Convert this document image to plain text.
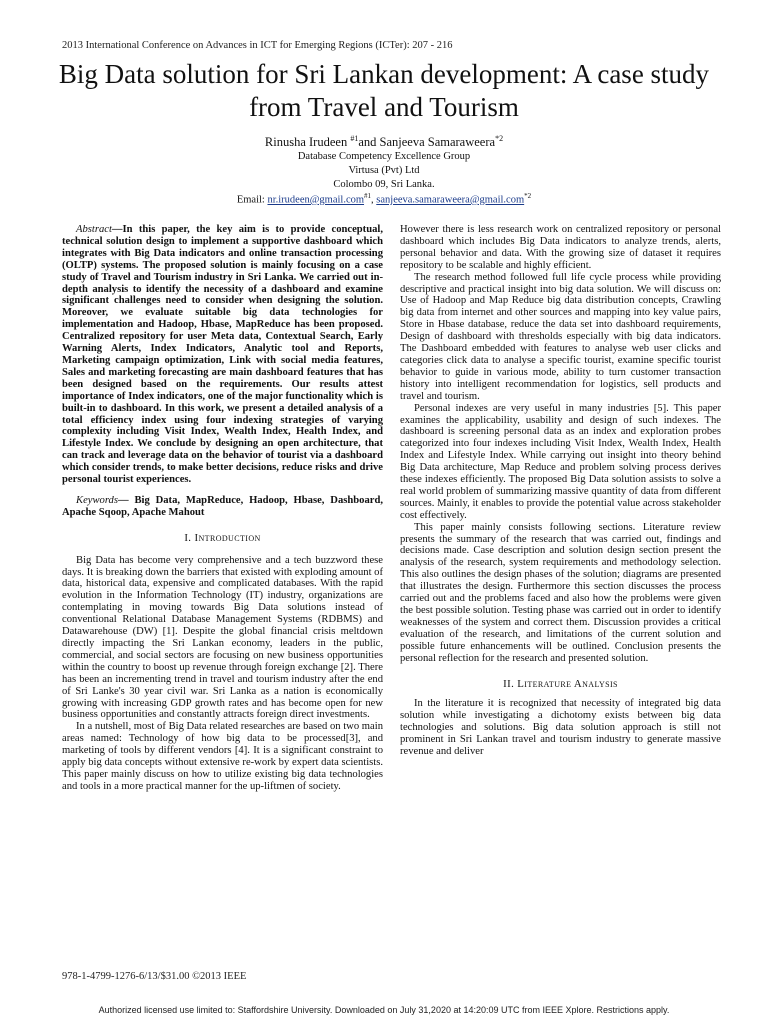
2013 International Conference on Advances in ICT for Emerging Regions (ICTer): 207 - 216
Big Data solution for Sri Lankan development: A case study from Travel and Tourism
Rinusha Irudeen $^{\#1}$and Sanjeeva Samaraweera$^{*2}$
Database Competency Excellence Group
Virtusa (Pvt) Ltd
Colombo 09, Sri Lanka.
Email: nr.irudeen@gmail.com$^{\#1}$, sanjeeva.samaraweera@gmail.com$^{*2}$

Abstract—In this paper, the key aim is to provide conceptual, technical solution design to implement a supportive dashboard which integrates with Big Data indicators and online transaction processing (OLTP) systems. The proposed solution is mainly focusing on a case study of Travel and Tourism industry in Sri Lanka. We carried out in-depth analysis to identify the necessity of a dashboard and examine significant challenges need to consider when designing the solution. Moreover, we evaluate suitable big data technologies for implementation and Hadoop, Hbase, MapReduce has been proposed. Centralized repository for user Meta data, Contextual Search, Early Warning Alerts, Index Indicators, Analytic tool and Reports, Marketing campaign optimization, Link with social media features, Sales and marketing forecasting are main dashboard features that has been designed based on the requirements. Our results attest importance of Index indicators, one of the major functionality which is built-in to dashboard. In this work, we present a detailed analysis of a total efficiency index using four indexing strategies of varying complexity including Visit Index, Wealth Index, Health Index, and Lifestyle Index. We conclude by designing an open architecture, that can track and leverage data on the behavior of tourist via a dashboard which consider trends, to make better decisions, reduce risks and drive personal tourist experiences.

Keywords— Big Data, MapReduce, Hadoop, Hbase, Dashboard, Apache Sqoop, Apache Mahout

I. Introduction

Big Data has become very comprehensive and a tech buzzword these days. It is breaking down the barriers that existed with exploding amount of data, historical data, expensive and complicated databases. With the rapid evolution in the Information Technology (IT) industry, organizations are contemplating in moving towards Big Data solutions instead of conventional Relational Database Management Systems (RDBMS) and Datawarehouse (DW) [1]. Despite the global financial crisis meltdown directly impacting the Sri Lankan economy, leaders in the public, commercial, and social sectors are focusing on new business opportunities within the country to boost up revenue through foreign exchange [2]. There has been an incrementing trend in travel and tourism industry after the end of Sri Lanke's 30 year civil war. Sri Lanka as a nation is economically growing with increasing GDP growth rates and has become open for new business opportunities and constantly attracts foreign direct investments.

In a nutshell, most of Big Data related researches are based on two main areas named: Technology of how big data to be processed[3], and marketing of tools by different vendors [4]. It is a significant constraint to apply big data concepts without extensive re-work by expert data scientists. This paper mainly discuss on how to utilize existing big data technologies and tools in a more practical manner for the up-liftmen of society.

However there is less research work on centralized repository or personal dashboard which includes Big Data indicators to analyze trends, alerts, personal behavior and data. With the growing size of dataset it requires repository to be scalable and highly efficient.

The research method followed full life cycle process while providing descriptive and practical insight into big data solution. We will discuss on: Use of Hadoop and Map Reduce big data distribution concepts, Crawling big data from internet and other sources and mapping into key value pairs, Store in Hbase database, reduce the data set into dashboard requirements, Design of dashboard with thresholds especially with big data indicators. The Dashboard embedded with features to analyse web user clicks and categories click data to analyse a specific tourist, examine specific tourist behavior to guide in various mode, ability to turn customer transaction history into intelligent recommendation for logistics, sell products and travel and tourism.

Personal indexes are very useful in many industries [5]. This paper examines the applicability, usability and design of such indexes. The dashboard is screening personal data as an index and exploration probes categorized into four indexes including Visit Index, Wealth Index, Health Index and Lifestyle Index. While carrying out insight into theory behind Big Data architecture, Map Reduce and problem solving process derives these indexes efficiently. The proposed Big Data solution assists to solve a real world problem of summarizing massive quantity of data from different sources. Mainly, it enables to provide the potential value across stakeholder cost effectively.

This paper mainly consists following sections. Literature review presents the summary of the research that was carried out, findings and decisions made. Case description and solution design section present the analysis of the research, system requirements and methodology selection. This also outlines the design phases of the solution; diagrams are presented that illustrates the design. Furthermore this section discusses the process carried out and the problems faced and also how the problems were given the best possible solution. Testing phase was carried out in order to identify weaknesses of the system and correct them. Discussion provides a critical evaluation of the research, and limitations of the current solution and possible future enhancements will be outlined. Conclusion presents the personal reflection for the research and presented solution.

II. Literature Analysis

In the literature it is recognized that necessity of integrated big data solution while investigating a dichotomy exists between big data technologies and solutions. Big data solution approach is still not prominent in Sri Lankan travel and tourism industry to generate massive revenue and deliver

978-1-4799-1276-6/13/$31.00 ©2013 IEEE
Authorized licensed use limited to: Staffordshire University. Downloaded on July 31,2020 at 14:20:09 UTC from IEEE Xplore. Restrictions apply.
